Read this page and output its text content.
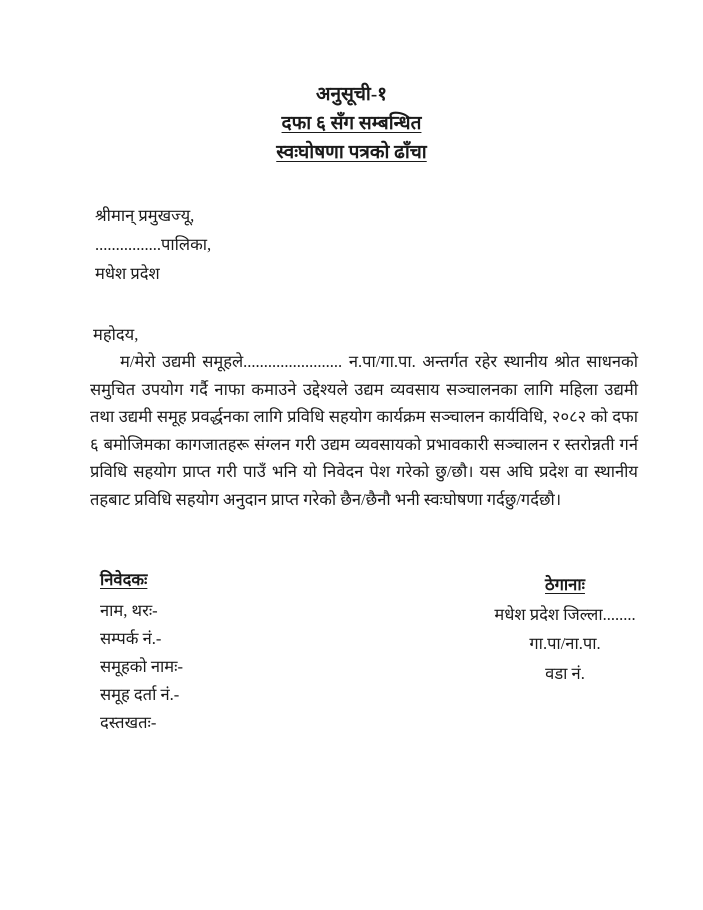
अनुसूची-१
दफा ६ सँग सम्बन्धित
स्वःघोषणा पत्रको ढाँचा
श्रीमान् प्रमुखज्यू,
................पालिका,
मधेश प्रदेश
महोदय,

म/मेरो उद्यमी समूहले........................ न.पा/गा.पा. अन्तर्गत रहेर स्थानीय श्रोत साधनको समुचित उपयोग गर्दै नाफा कमाउने उद्देश्यले उद्यम व्यवसाय सञ्चालनका लागि महिला उद्यमी तथा उद्यमी समूह प्रवर्द्धनका लागि प्रविधि सहयोग कार्यक्रम सञ्चालन कार्यविधि, २०८२ को दफा ६ बमोजिमका कागजातहरू संग्लन गरी उद्यम व्यवसायको प्रभावकारी सञ्चालन र स्तरोन्नती गर्न प्रविधि सहयोग प्राप्त गरी पाउँ भनि यो निवेदन पेश गरेको छु/छौ। यस अघि प्रदेश वा स्थानीय तहबाट प्रविधि सहयोग अनुदान प्राप्त गरेको छैन/छैनौ भनी स्वःघोषणा गर्दछु/गर्दछौ।

निवेदकः
नाम, थरः-
सम्पर्क नं.-
समूहको नामः-
समूह दर्ता नं.-
दस्तखतः-
ठेगानाः
मधेश प्रदेश जिल्ला........
गा.पा/ना.पा.
वडा नं.
